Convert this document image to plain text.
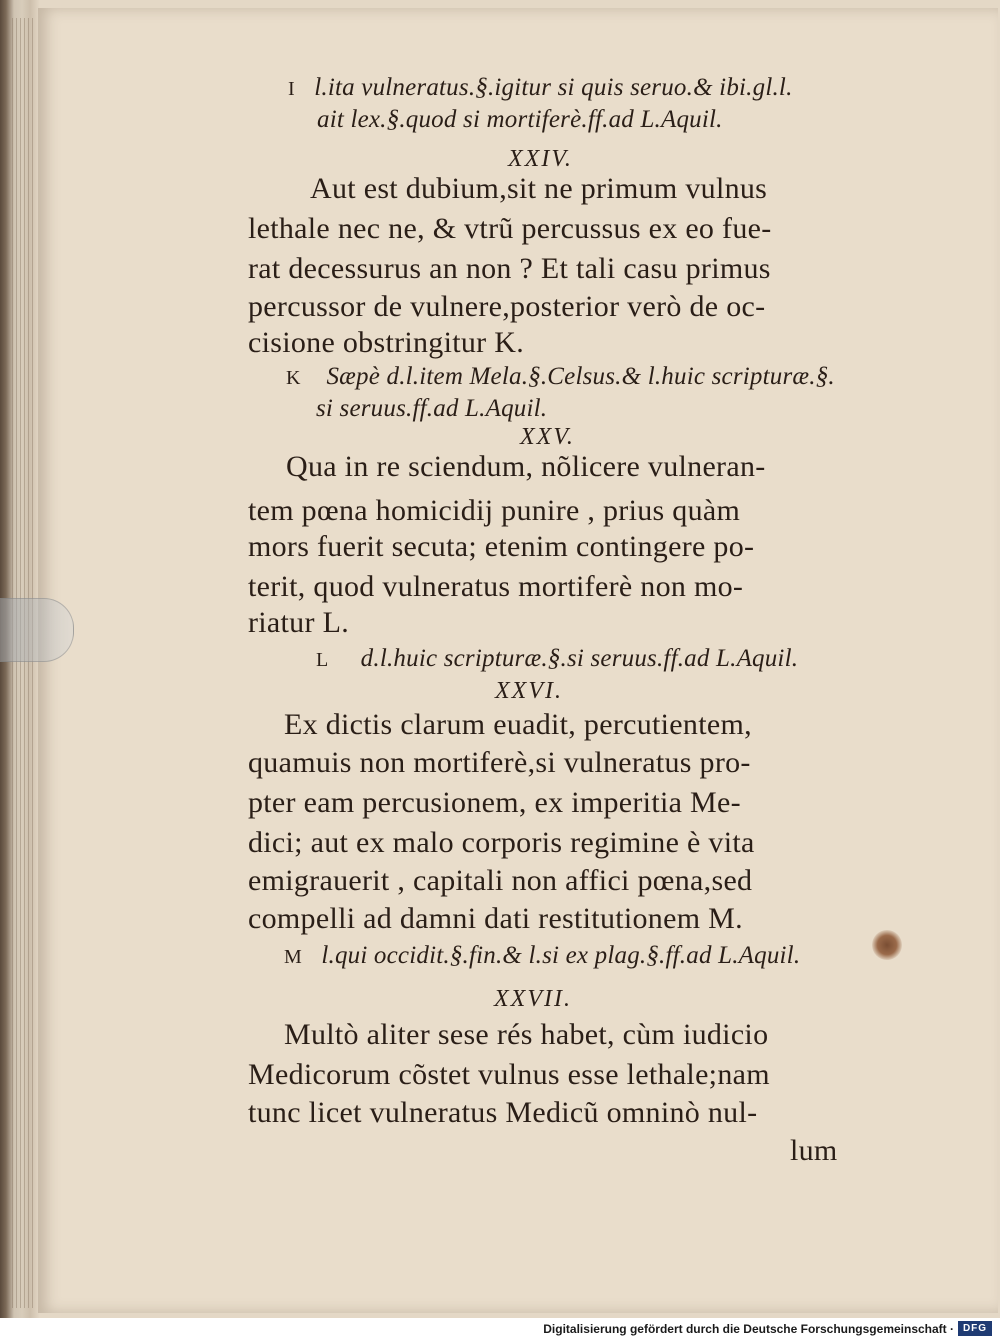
I l.ita vulneratus.§.igitur si quis seruo.& ibi.gl.l.
ait lex.§.quod si mortiferè.ff.ad L.Aquil.
XXIV.
Aut est dubium,sit ne primum vulnus
lethale nec ne, & vtrũ percussus ex eo fue-
rat decessurus an non ? Et tali casu primus
percussor de vulnere,posterior verò de oc-
cisione obstringitur K.
K Sæpè d.l.item Mela.§.Celsus.& l.huic scripturæ.§.
si seruus.ff.ad L.Aquil.
XXV.
Qua in re sciendum, nõlicere vulneran-
tem pœna homicidij punire , prius quàm
mors fuerit secuta; etenim contingere po-
terit, quod vulneratus mortiferè non mo-
riatur L.
L d.l.huic scripturæ.§.si seruus.ff.ad L.Aquil.
XXVI.
Ex dictis clarum euadit, percutientem,
quamuis non mortiferè,si vulneratus pro-
pter eam percusionem, ex imperitia Me-
dici; aut ex malo corporis regimine è vita
emigrauerit , capitali non affici pœna,sed
compelli ad damni dati restitutionem M.
M l.qui occidit.§.fin.& l.si ex plag.§.ff.ad L.Aquil.
XXVII.
Multò aliter sese rés habet, cùm iudicio
Medicorum cõstet vulnus esse lethale;nam
tunc licet vulneratus Medicũ omninò nul-
lum
Digitalisierung gefördert durch die Deutsche Forschungsgemeinschaft · DFG
